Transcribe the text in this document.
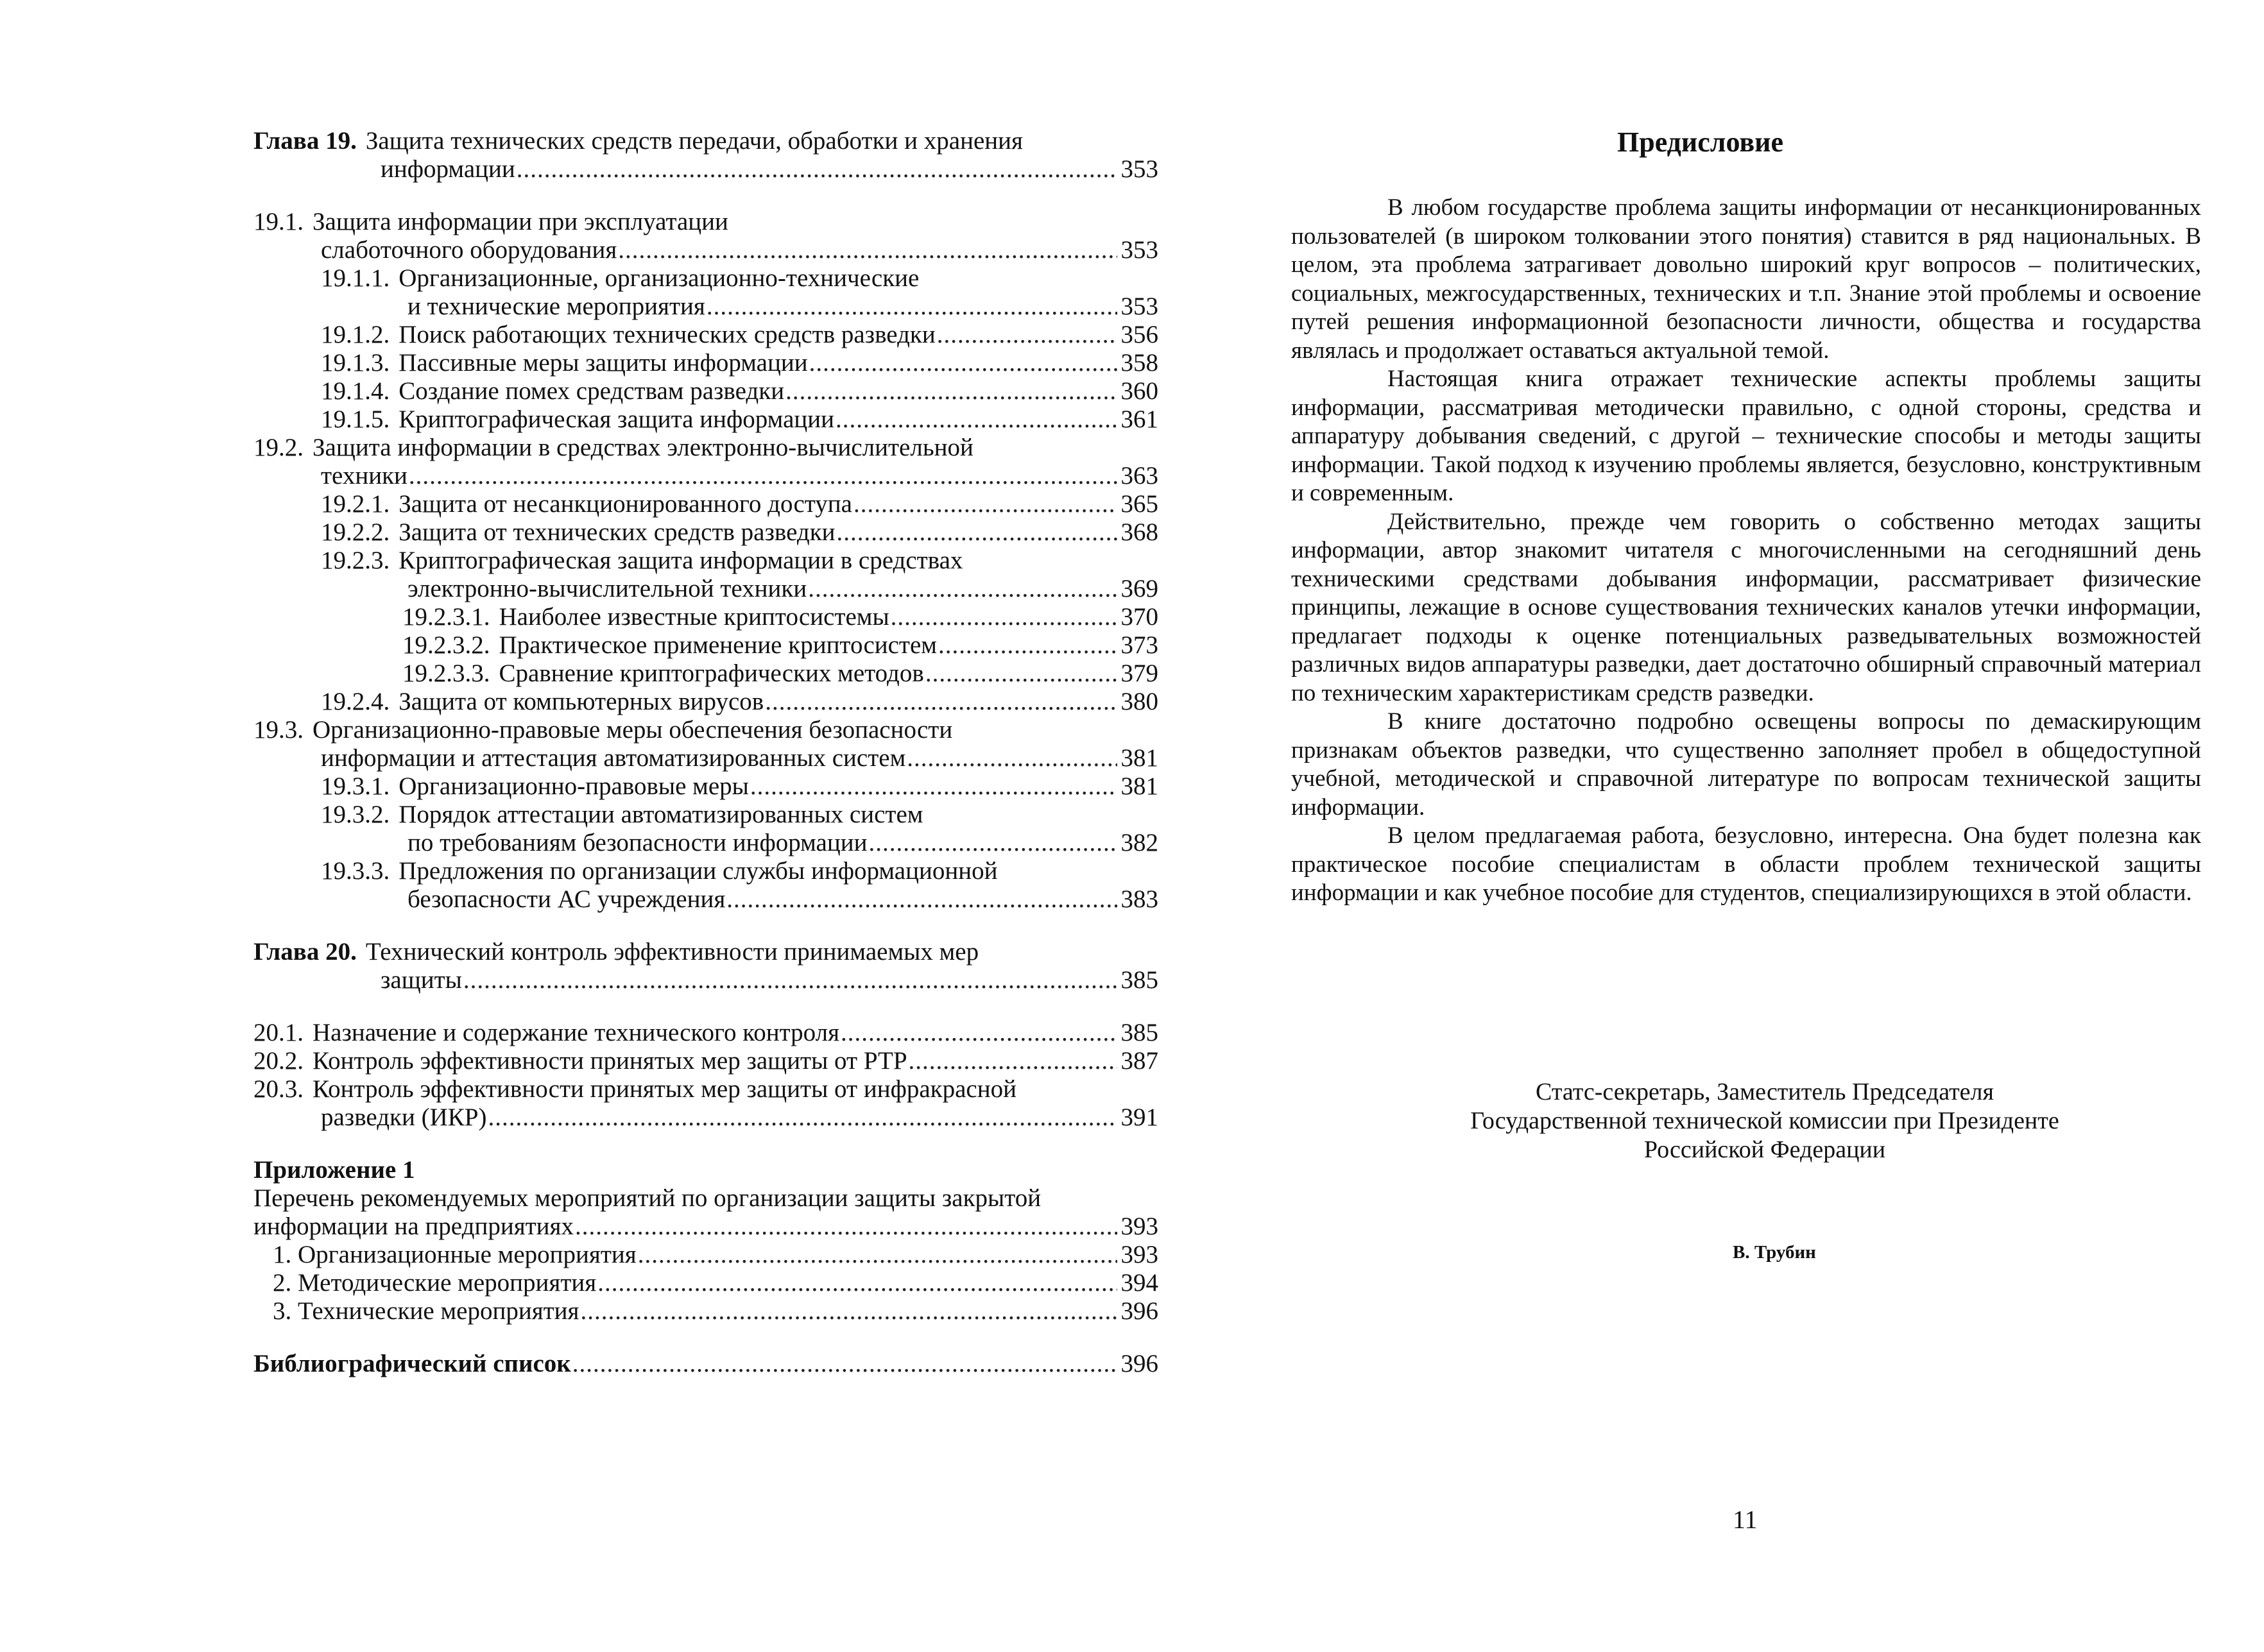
Глава 19. Защита технических средств передачи, обработки и хранения
информации .....	353
19.1. Защита информации при эксплуатации
слаботочного оборудования .....	353
19.1.1. Организационные, организационно-технические
и технические мероприятия .....	353
19.1.2. Поиск работающих технических средств разведки .....	356
19.1.3. Пассивные меры защиты информации .....	358
19.1.4. Создание помех средствам разведки .....	360
19.1.5. Криптографическая защита информации .....	361
19.2. Защита информации в средствах электронно-вычислительной
техники .....	363
19.2.1. Защита от несанкционированного доступа .....	365
19.2.2. Защита от технических средств разведки .....	368
19.2.3. Криптографическая защита информации в средствах
электронно-вычислительной техники .....	369
19.2.3.1. Наиболее известные криптосистемы .....	370
19.2.3.2. Практическое применение криптосистем .....	373
19.2.3.3. Сравнение криптографических методов .....	379
19.2.4. Защита от компьютерных вирусов .....	380
19.3. Организационно-правовые меры обеспечения безопасности
информации и аттестация автоматизированных систем .....	381
19.3.1. Организационно-правовые меры .....	381
19.3.2. Порядок аттестации автоматизированных систем
по требованиям безопасности информации .....	382
19.3.3. Предложения по организации службы информационной
безопасности АС учреждения .....	383
Глава 20. Технический контроль эффективности принимаемых мер
защиты .....	385
20.1. Назначение и содержание технического контроля .....	385
20.2. Контроль эффективности принятых мер защиты от РТР .....	387
20.3. Контроль эффективности принятых мер защиты от инфракрасной
разведки (ИКР) .....	391
Приложение 1
Перечень рекомендуемых мероприятий по организации защиты закрытой
информации на предприятиях .....	393
1. Организационные мероприятия .....	393
2. Методические мероприятия .....	394
3. Технические мероприятия .....	396
Библиографический список .....	396
Предисловие

В любом государстве проблема защиты информации от несанкционированных пользователей (в широком толковании этого понятия) ставится в ряд национальных. В целом, эта проблема затрагивает довольно широкий круг вопросов – политических, социальных, межгосударственных, технических и т.п. Знание этой проблемы и освоение путей решения информационной безопасности личности, общества и государства являлась и продолжает оставаться актуальной темой.

Настоящая книга отражает технические аспекты проблемы защиты информации, рассматривая методически правильно, с одной стороны, средства и аппаратуру добывания сведений, с другой – технические способы и методы защиты информации. Такой подход к изучению проблемы является, безусловно, конструктивным и современным.

Действительно, прежде чем говорить о собственно методах защиты информации, автор знакомит читателя с многочисленными на сегодняшний день техническими средствами добывания информации, рассматривает физические принципы, лежащие в основе существования технических каналов утечки информации, предлагает подходы к оценке потенциальных разведывательных возможностей различных видов аппаратуры разведки, дает достаточно обширный справочный материал по техническим характеристикам средств разведки.

В книге достаточно подробно освещены вопросы по демаскирующим признакам объектов разведки, что существенно заполняет пробел в общедоступной учебной, методической и справочной литературе по вопросам технической защиты информации.

В целом предлагаемая работа, безусловно, интересна. Она будет полезна как практическое пособие специалистам в области проблем технической защиты информации и как учебное пособие для студентов, специализирующихся в этой области.

Статс-секретарь, Заместитель Председателя
Государственной технической комиссии при Президенте
Российской Федерации
В. Трубин
11
